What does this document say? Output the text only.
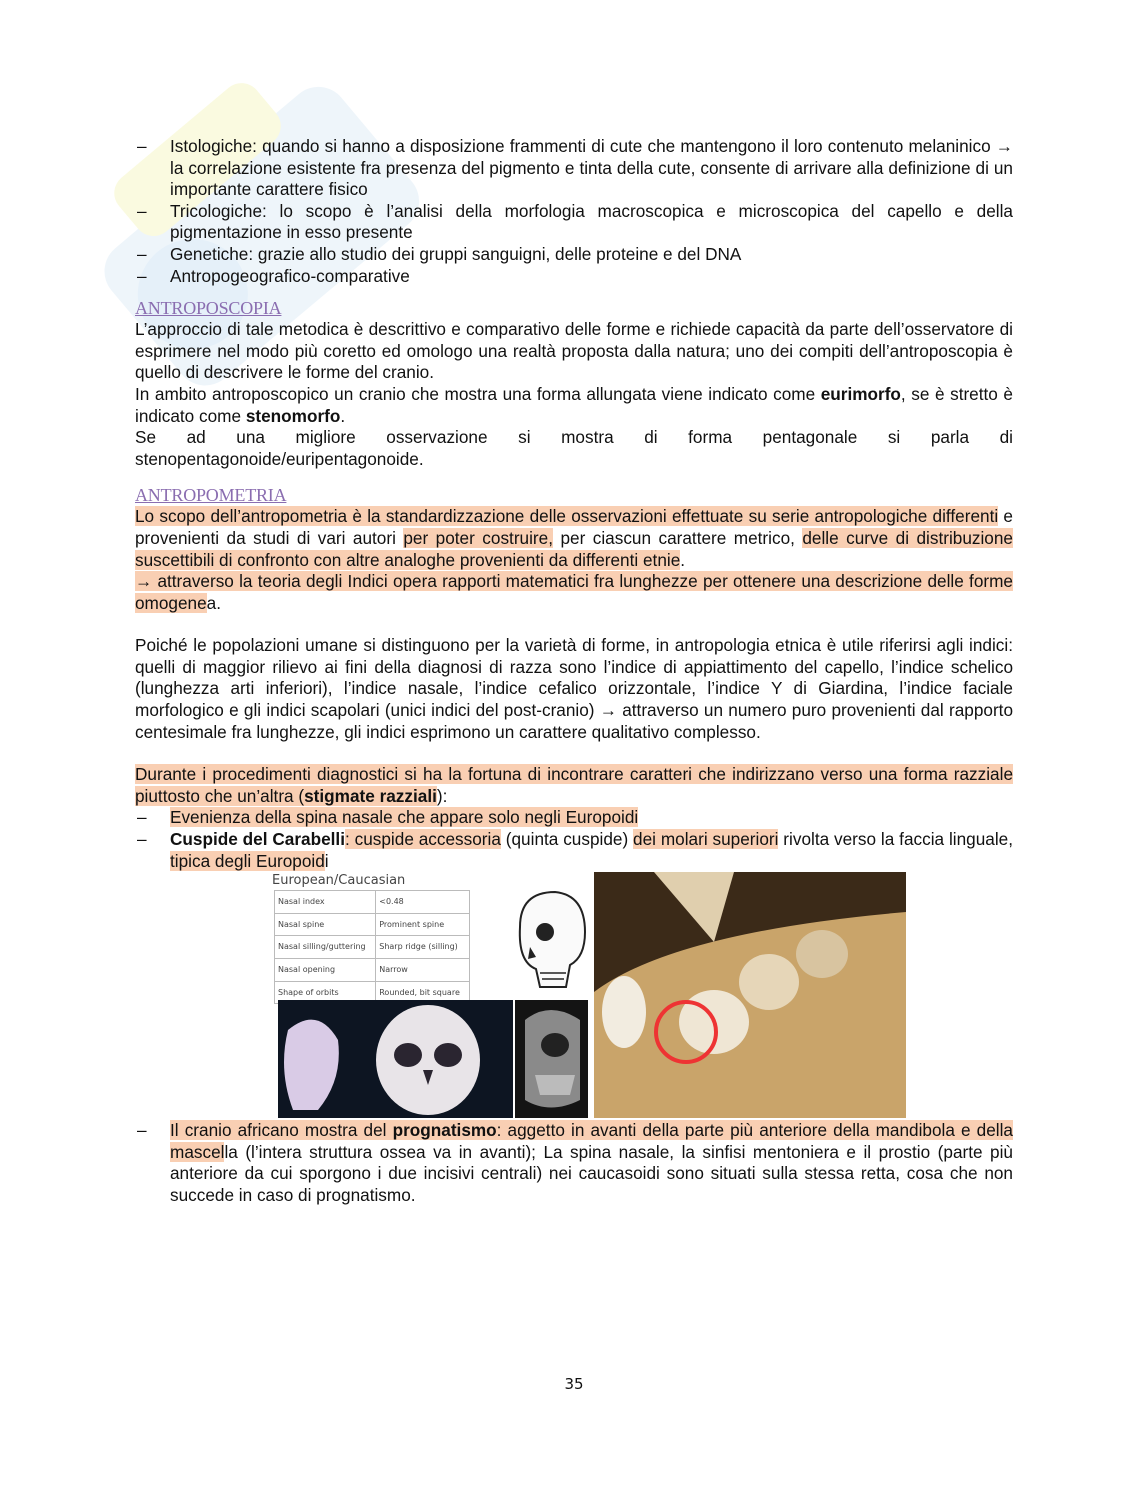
– Istologiche: quando si hanno a disposizione frammenti di cute che mantengono il loro contenuto melaninico → la correlazione esistente fra presenza del pigmento e tinta della cute, consente di arrivare alla definizione di un importante carattere fisico
– Tricologiche: lo scopo è l’analisi della morfologia macroscopica e microscopica del capello e della pigmentazione in esso presente
– Genetiche: grazie allo studio dei gruppi sanguigni, delle proteine e del DNA
– Antropogeografico-comparative
ANTROPOSCOPIA

L’approccio di tale metodica è descrittivo e comparativo delle forme e richiede capacità da parte dell’osservatore di esprimere nel modo più coretto ed omologo una realtà proposta dalla natura; uno dei compiti dell’antroposcopia è quello di descrivere le forme del cranio.

In ambito antroposcopico un cranio che mostra una forma allungata viene indicato come eurimorfo, se è stretto è indicato come stenomorfo.

Se ad una migliore osservazione si mostra di forma pentagonale si parla di

stenopentagonoide/euripentagonoide.

ANTROPOMETRIA

Lo scopo dell’antropometria è la standardizzazione delle osservazioni effettuate su serie antropologiche differenti e provenienti da studi di vari autori per poter costruire, per ciascun carattere metrico, delle curve di distribuzione suscettibili di confronto con altre analoghe provenienti da differenti etnie.

→ attraverso la teoria degli Indici opera rapporti matematici fra lunghezze per ottenere una descrizione delle forme omogenea.

Poiché le popolazioni umane si distinguono per la varietà di forme, in antropologia etnica è utile riferirsi agli indici: quelli di maggior rilievo ai fini della diagnosi di razza sono l’indice di appiattimento del capello, l’indice schelico (lunghezza arti inferiori), l’indice nasale, l’indice cefalico orizzontale, l’indice Y di Giardina, l’indice faciale morfologico e gli indici scapolari (unici indici del post-cranio) → attraverso un numero puro provenienti dal rapporto centesimale fra lunghezze, gli indici esprimono un carattere qualitativo complesso.

Durante i procedimenti diagnostici si ha la fortuna di incontrare caratteri che indirizzano verso una forma razziale piuttosto che un’altra (stigmate razziali):

– Evenienza della spina nasale che appare solo negli Europoidi
– Cuspide del Carabelli: cuspide accessoria (quinta cuspide) dei molari superiori rivolta verso la faccia linguale, tipica degli Europoidi
European/Caucasian
Nasal index	<0.48
Nasal spine	Prominent spine
Nasal silling/guttering	Sharp ridge (silling)
Nasal opening	Narrow
Shape of orbits	Rounded, bit square
– Il cranio africano mostra del prognatismo: aggetto in avanti della parte più anteriore della mandibola e della mascella (l’intera struttura ossea va in avanti); La spina nasale, la sinfisi mentoniera e il prostio (parte più anteriore da cui sporgono i due incisivi centrali) nei caucasoidi sono situati sulla stessa retta, cosa che non succede in caso di prognatismo.
35
